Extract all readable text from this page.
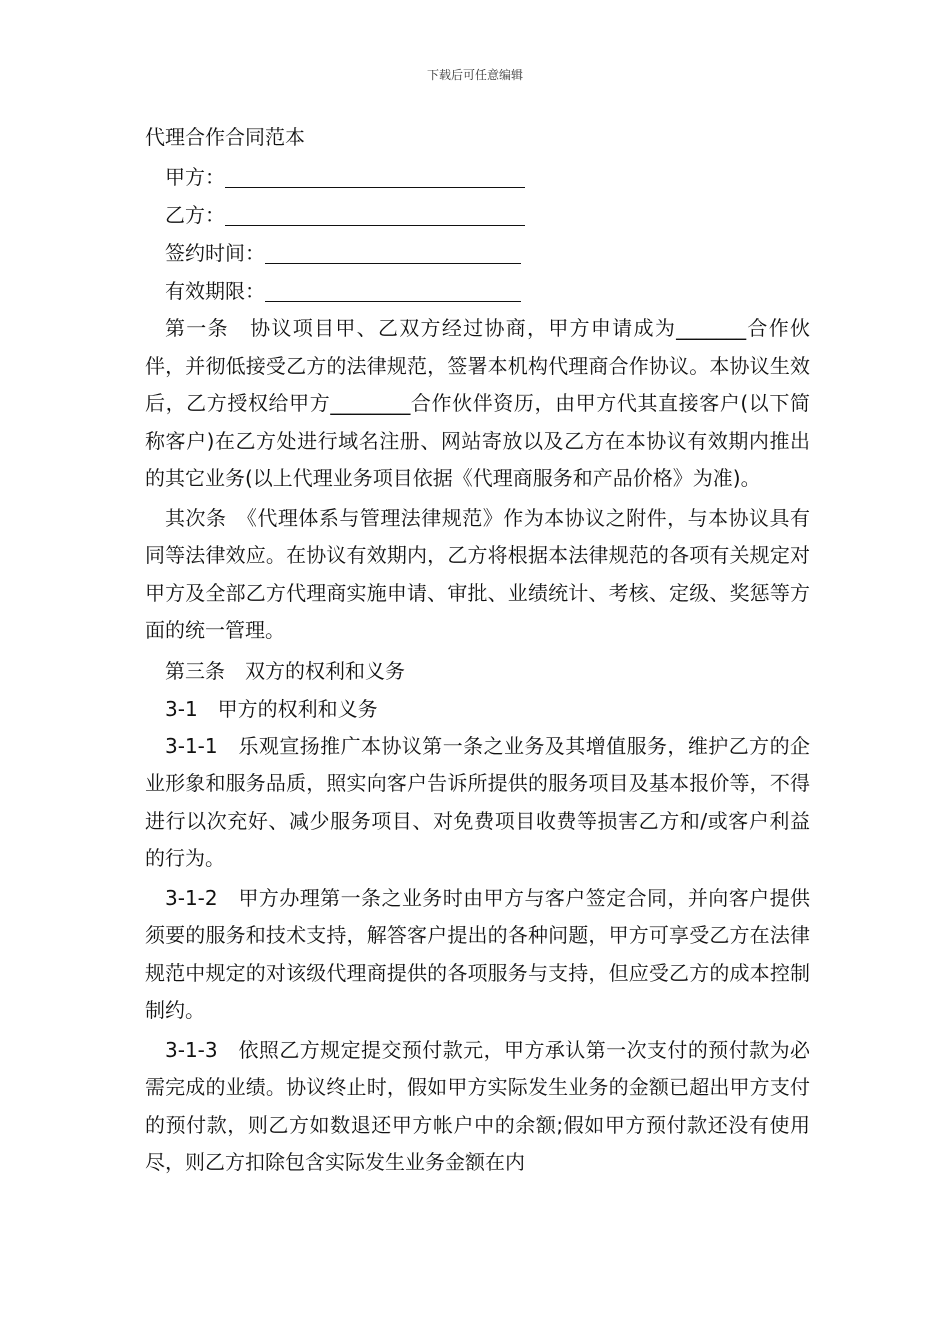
下载后可任意编辑
代理合作合同范本
甲方：
乙方：
签约时间：
有效期限：

第一条　协议项目甲、乙双方经过协商，甲方申请成为_______合作伙伴，并彻低接受乙方的法律规范，签署本机构代理商合作协议。本协议生效后，乙方授权给甲方________合作伙伴资历，由甲方代其直接客户(以下简称客户)在乙方处进行域名注册、网站寄放以及乙方在本协议有效期内推出的其它业务(以上代理业务项目依据《代理商服务和产品价格》为准)。

其次条　《代理体系与管理法律规范》作为本协议之附件，与本协议具有同等法律效应。在协议有效期内，乙方将根据本法律规范的各项有关规定对甲方及全部乙方代理商实施申请、审批、业绩统计、考核、定级、奖惩等方面的统一管理。

第三条　双方的权利和义务
3-1　甲方的权利和义务

3-1-1　乐观宣扬推广本协议第一条之业务及其增值服务，维护乙方的企业形象和服务品质，照实向客户告诉所提供的服务项目及基本报价等，不得进行以次充好、减少服务项目、对免费项目收费等损害乙方和/或客户利益的行为。

3-1-2　甲方办理第一条之业务时由甲方与客户签定合同，并向客户提供须要的服务和技术支持，解答客户提出的各种问题，甲方可享受乙方在法律规范中规定的对该级代理商提供的各项服务与支持，但应受乙方的成本控制制约。

3-1-3　依照乙方规定提交预付款元，甲方承认第一次支付的预付款为必需完成的业绩。协议终止时，假如甲方实际发生业务的金额已超出甲方支付的预付款，则乙方如数退还甲方帐户中的余额;假如甲方预付款还没有使用尽，则乙方扣除包含实际发生业务金额在内
